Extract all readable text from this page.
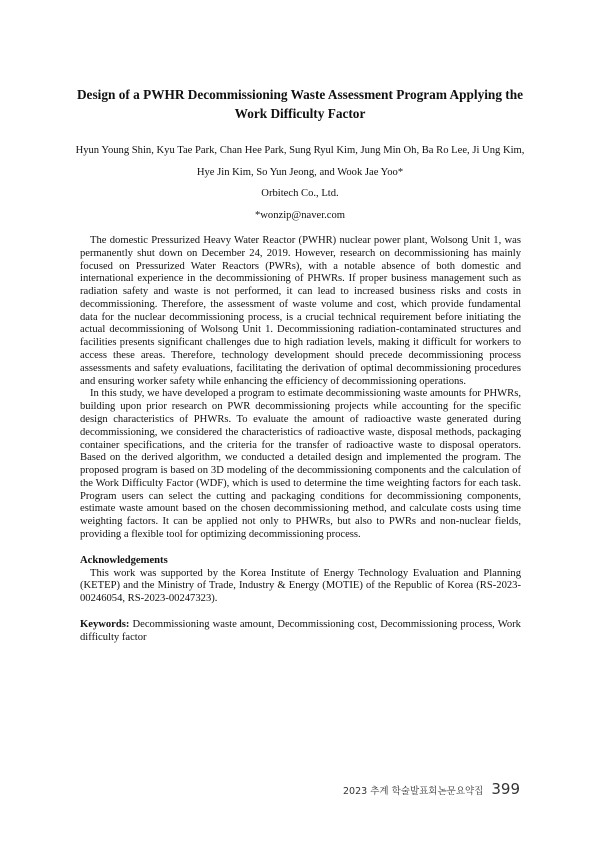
Design of a PWHR Decommissioning Waste Assessment Program Applying the Work Difficulty Factor
Hyun Young Shin, Kyu Tae Park, Chan Hee Park, Sung Ryul Kim, Jung Min Oh, Ba Ro Lee, Ji Ung Kim,
Hye Jin Kim, So Yun Jeong, and Wook Jae Yoo*
Orbitech Co., Ltd.
*wonzip@naver.com

The domestic Pressurized Heavy Water Reactor (PWHR) nuclear power plant, Wolsong Unit 1, was permanently shut down on December 24, 2019. However, research on decommissioning has mainly focused on Pressurized Water Reactors (PWRs), with a notable absence of both domestic and international experience in the decommissioning of PHWRs. If proper business management such as radiation safety and waste is not performed, it can lead to increased business risks and costs in decommissioning. Therefore, the assessment of waste volume and cost, which provide fundamental data for the nuclear decommissioning process, is a crucial technical requirement before initiating the actual decommissioning of Wolsong Unit 1. Decommissioning radiation-contaminated structures and facilities presents significant challenges due to high radiation levels, making it difficult for workers to access these areas. Therefore, technology development should precede decommissioning process assessments and safety evaluations, facilitating the derivation of optimal decommissioning procedures and ensuring worker safety while enhancing the efficiency of decommissioning operations.

In this study, we have developed a program to estimate decommissioning waste amounts for PHWRs, building upon prior research on PWR decommissioning projects while accounting for the specific design characteristics of PHWRs. To evaluate the amount of radioactive waste generated during decommissioning, we considered the characteristics of radioactive waste, disposal methods, packaging container specifications, and the criteria for the transfer of radioactive waste to disposal operators. Based on the derived algorithm, we conducted a detailed design and implemented the program. The proposed program is based on 3D modeling of the decommissioning components and the calculation of the Work Difficulty Factor (WDF), which is used to determine the time weighting factors for each task. Program users can select the cutting and packaging conditions for decommissioning components, estimate waste amount based on the chosen decommissioning method, and calculate costs using time weighting factors. It can be applied not only to PHWRs, but also to PWRs and non-nuclear fields, providing a flexible tool for optimizing decommissioning process.

Acknowledgements

This work was supported by the Korea Institute of Energy Technology Evaluation and Planning (KETEP) and the Ministry of Trade, Industry & Energy (MOTIE) of the Republic of Korea (RS-2023-00246054, RS-2023-00247323).

Keywords: Decommissioning waste amount, Decommissioning cost, Decommissioning process, Work difficulty factor
2023 추계 학술발표회논문요약집 399
